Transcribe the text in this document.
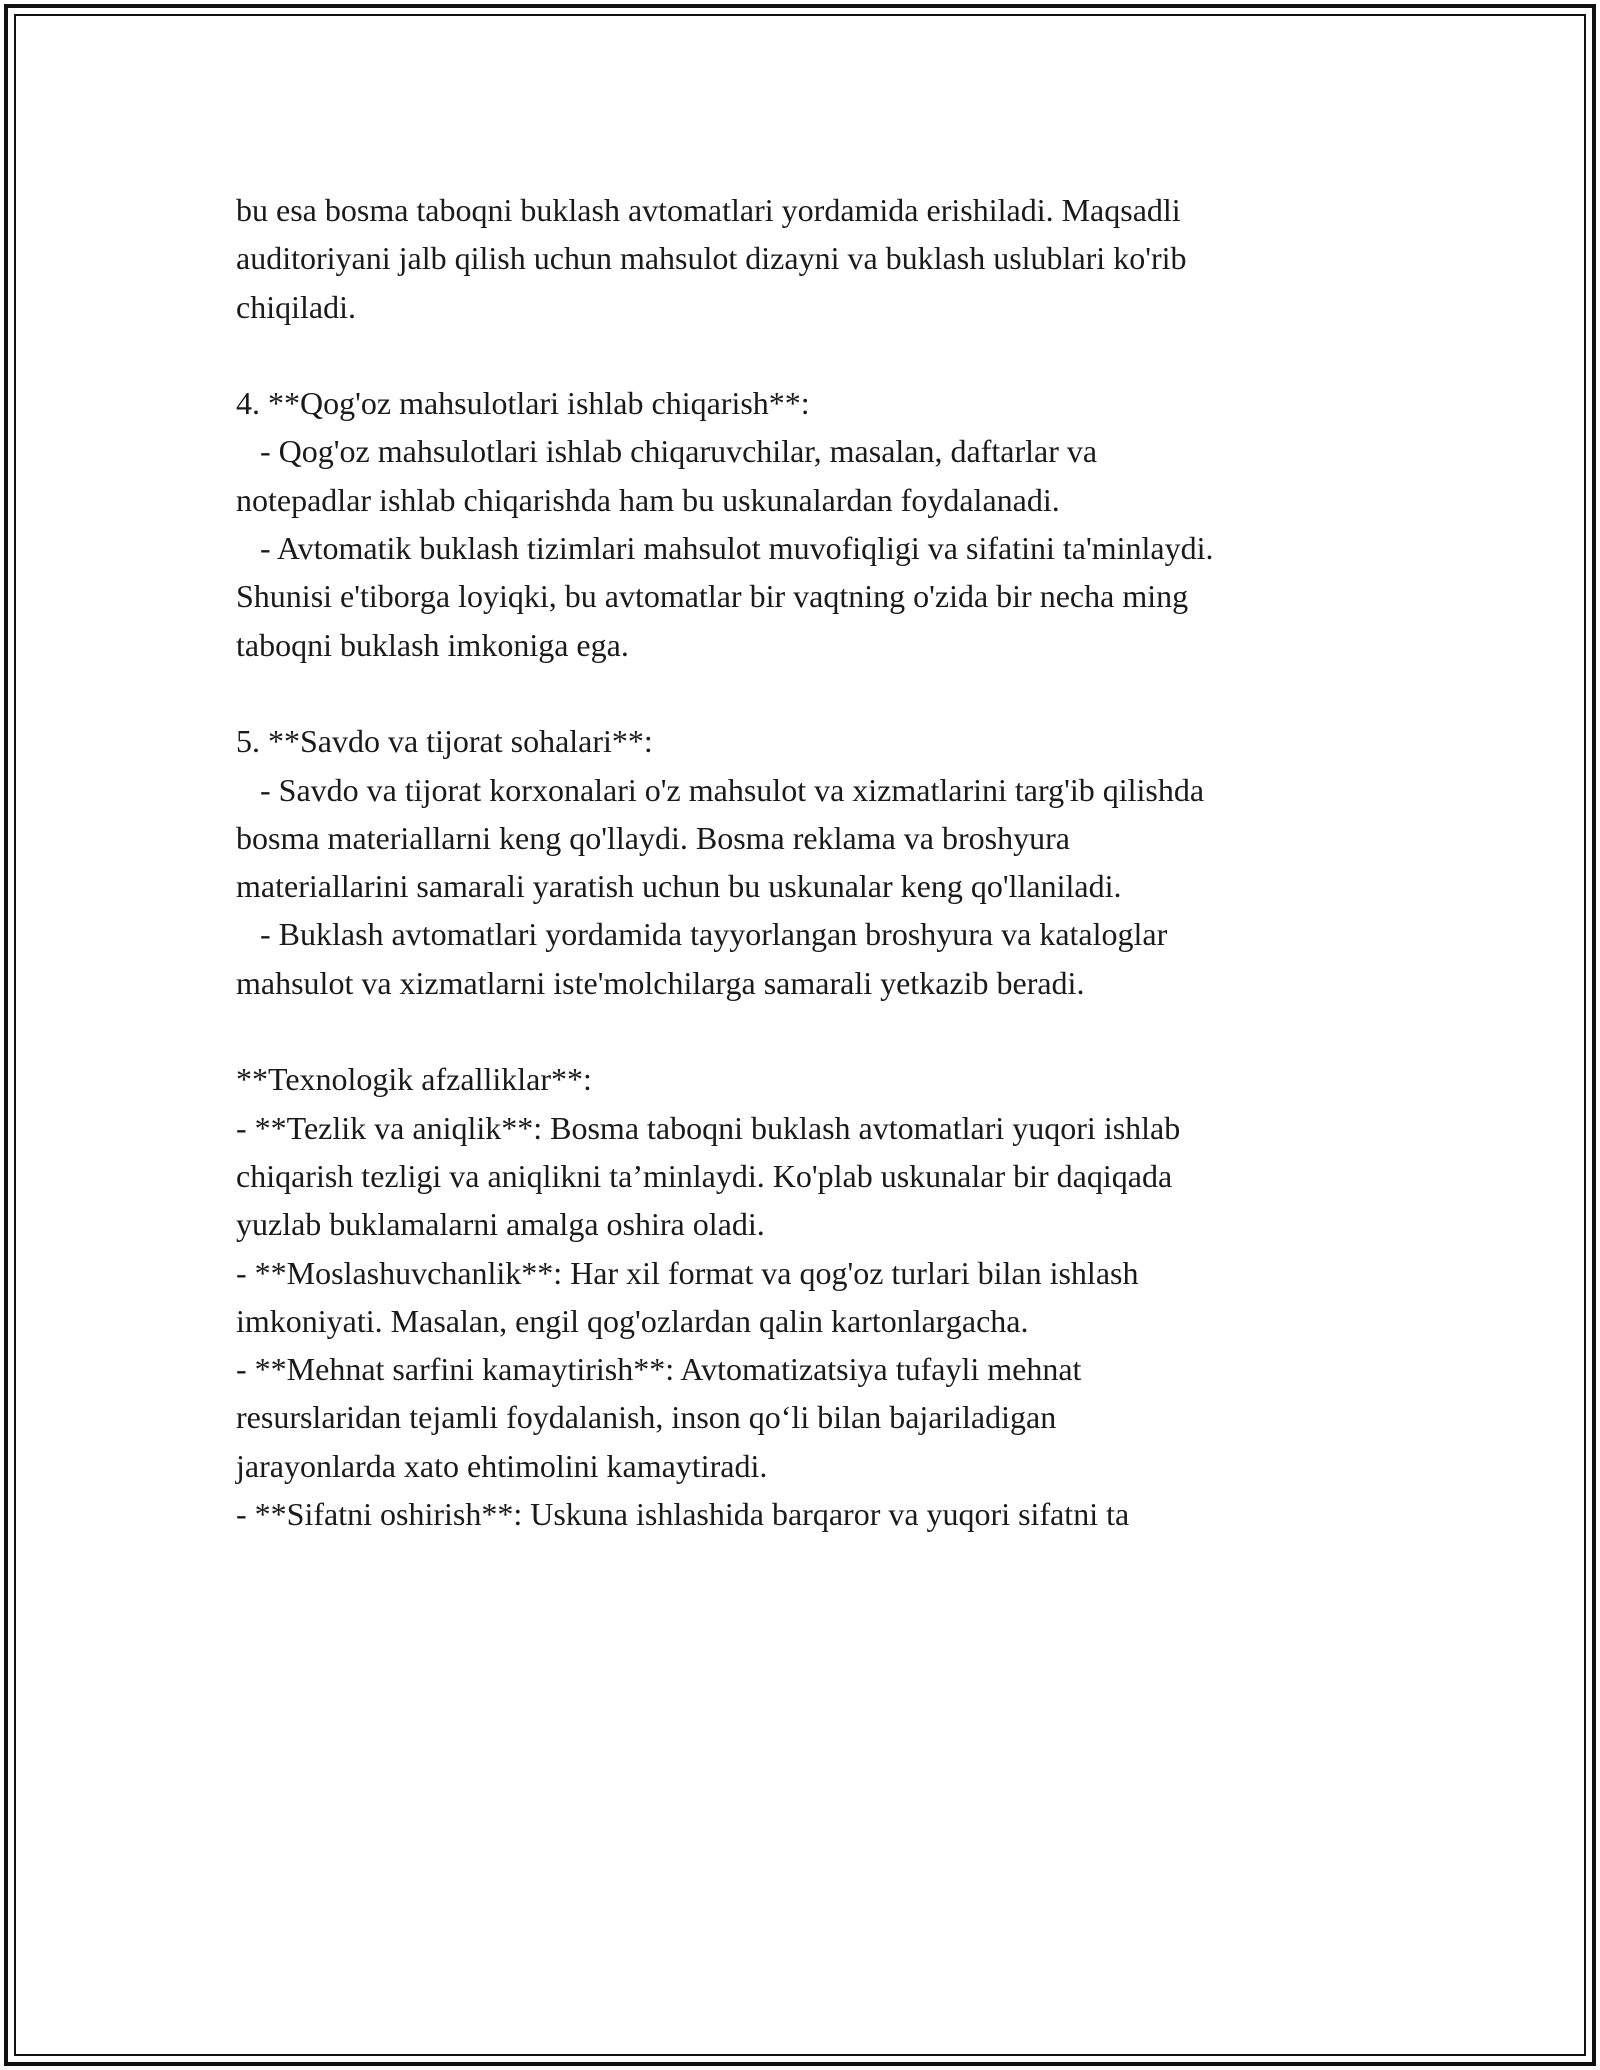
bu esa bosma taboqni buklash avtomatlari yordamida erishiladi. Maqsadli
auditoriyani jalb qilish uchun mahsulot dizayni va buklash uslublari ko'rib
chiqiladi.
4. **Qog'oz mahsulotlari ishlab chiqarish**:
- Qog'oz mahsulotlari ishlab chiqaruvchilar, masalan, daftarlar va
notepadlar ishlab chiqarishda ham bu uskunalardan foydalanadi.
- Avtomatik buklash tizimlari mahsulot muvofiqligi va sifatini ta'minlaydi.
Shunisi e'tiborga loyiqki, bu avtomatlar bir vaqtning o'zida bir necha ming
taboqni buklash imkoniga ega.
5. **Savdo va tijorat sohalari**:
- Savdo va tijorat korxonalari o'z mahsulot va xizmatlarini targ'ib qilishda
bosma materiallarni keng qo'llaydi. Bosma reklama va broshyura
materiallarini samarali yaratish uchun bu uskunalar keng qo'llaniladi.
- Buklash avtomatlari yordamida tayyorlangan broshyura va kataloglar
mahsulot va xizmatlarni iste'molchilarga samarali yetkazib beradi.
**Texnologik afzalliklar**:
- **Tezlik va aniqlik**: Bosma taboqni buklash avtomatlari yuqori ishlab
chiqarish tezligi va aniqlikni ta’minlaydi. Ko'plab uskunalar bir daqiqada
yuzlab buklamalarni amalga oshira oladi.
- **Moslashuvchanlik**: Har xil format va qog'oz turlari bilan ishlash
imkoniyati. Masalan, engil qog'ozlardan qalin kartonlargacha.
- **Mehnat sarfini kamaytirish**: Avtomatizatsiya tufayli mehnat
resurslaridan tejamli foydalanish, inson qo‘li bilan bajariladigan
jarayonlarda xato ehtimolini kamaytiradi.
- **Sifatni oshirish**: Uskuna ishlashida barqaror va yuqori sifatni ta
